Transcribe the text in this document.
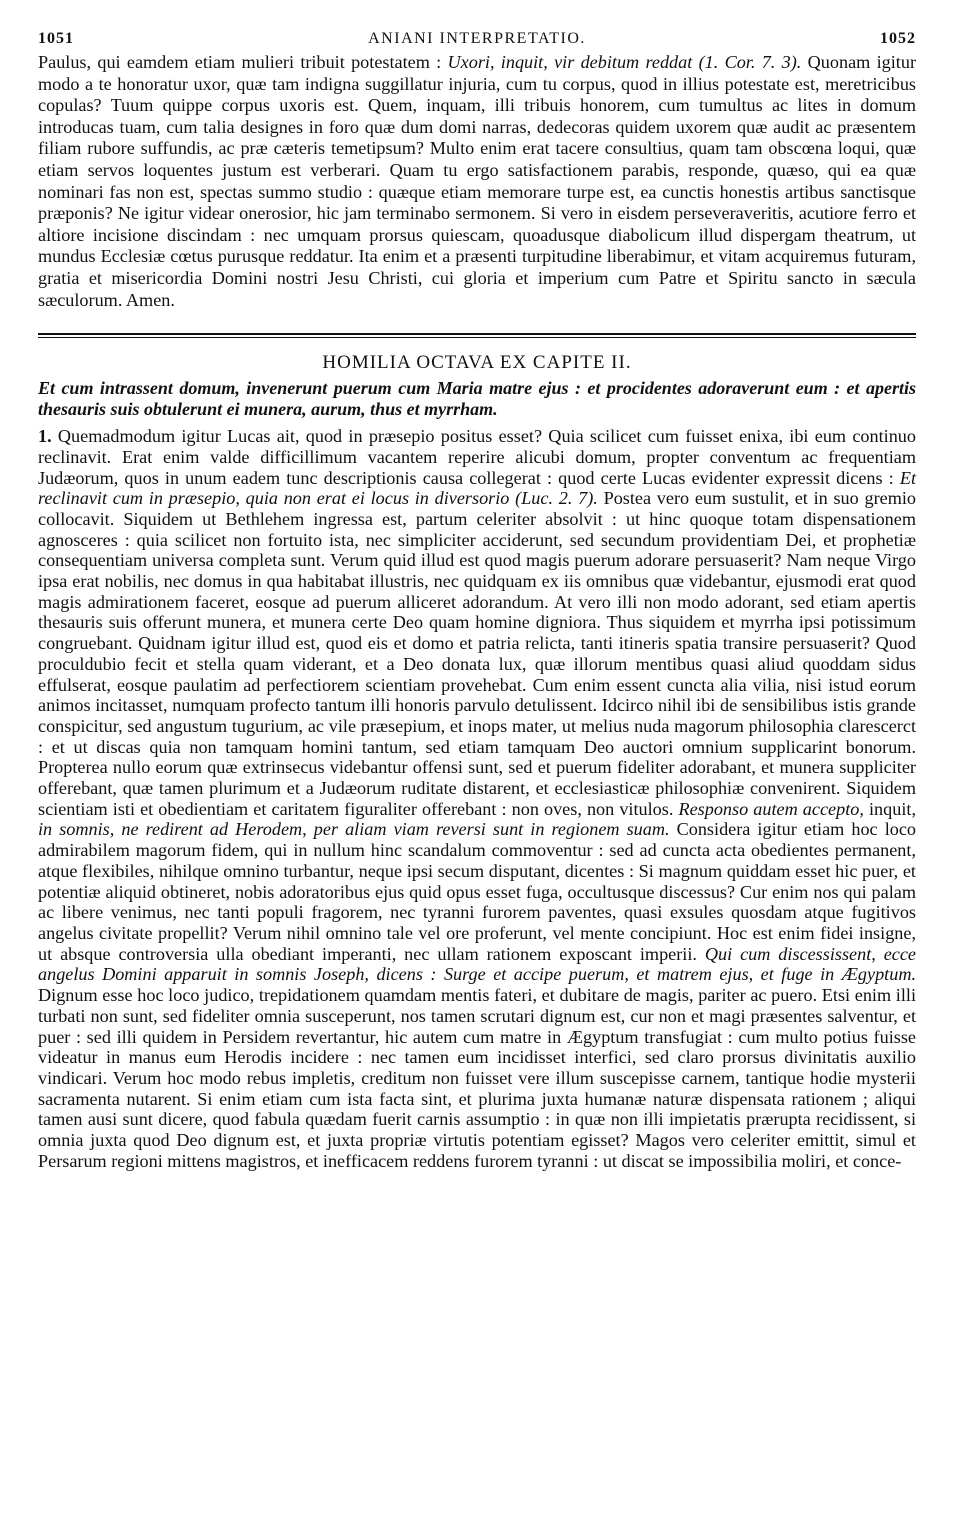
1051	ANIANI INTERPRETATIO.	1052

Paulus, qui eamdem etiam mulieri tribuit potestatem : Uxori, inquit, vir debitum reddat (1. Cor. 7. 3). Quonam igitur modo a te honoratur uxor, quæ tam indigna suggillatur injuria, cum tu corpus, quod in illius potestate est, meretricibus copulas? Tuum quippe corpus uxoris est. Quem, inquam, illi tribuis honorem, cum tumultus ac lites in domum introducas tuam, cum talia designes in foro quæ dum domi narras, dedecoras quidem uxorem quæ audit ac præsentem filiam rubore suffundis, ac præ cæteris temetipsum? Multo enim erat tacere consultius, quam tam obscœna loqui, quæ etiam servos loquentes justum est verberari. Quam tu ergo satisfactionem parabis, responde, quæso, qui ea quæ nominari fas non est, spectas summo studio : quæque etiam memorare turpe est, ea cunctis honestis artibus sanctisque præponis? Ne igitur videar onerosior, hic jam terminabo sermonem. Si vero in eisdem perseveraveritis, acutiore ferro et altiore incisione discindam : nec umquam prorsus quiescam, quoadusque diabolicum illud dispergam theatrum, ut mundus Ecclesiæ cœtus purusque reddatur. Ita enim et a præsenti turpitudine liberabimur, et vitam acquiremus futuram, gratia et misericordia Domini nostri Jesu Christi, cui gloria et imperium cum Patre et Spiritu sancto in sæcula sæculorum. Amen.

HOMILIA OCTAVA EX CAPITE II.

Et cum intrassent domum, invenerunt puerum cum Maria matre ejus : et procidentes adoraverunt eum : et apertis thesauris suis obtulerunt ei munera, aurum, thus et myrrham.

1. Quemadmodum igitur Lucas ait, quod in præsepio positus esset? Quia scilicet cum fuisset enixa, ibi eum continuo reclinavit. Erat enim valde difficillimum vacantem reperire alicubi domum, propter conventum ac frequentiam Judæorum, quos in unum eadem tunc descriptionis causa collegerat : quod certe Lucas evidenter expressit dicens : Et reclinavit cum in præsepio, quia non erat ei locus in diversorio (Luc. 2. 7). Postea vero eum sustulit, et in suo gremio collocavit. Siquidem ut Bethlehem ingressa est, partum celeriter absolvit : ut hinc quoque totam dispensationem agnosceres : quia scilicet non fortuito ista, nec simpliciter acciderunt, sed secundum providentiam Dei, et prophetiæ consequentiam universa completa sunt. Verum quid illud est quod magis puerum adorare persuaserit? Nam neque Virgo ipsa erat nobilis, nec domus in qua habitabat illustris, nec quidquam ex iis omnibus quæ videbantur, ejusmodi erat quod magis admirationem faceret, eosque ad puerum alliceret adorandum. At vero illi non modo adorant, sed etiam apertis thesauris suis offerunt munera, et munera certe Deo quam homine digniora. Thus siquidem et myrrha ipsi potissimum congruebant. Quidnam igitur illud est, quod eis et domo et patria relicta, tanti itineris spatia transire persuaserit? Quod proculdubio fecit et stella quam viderant, et a Deo donata lux, quæ illorum mentibus quasi aliud quoddam sidus effulserat, eosque paulatim ad perfectiorem scientiam provehebat. Cum enim essent cuncta alia vilia, nisi istud eorum animos incitasset, numquam profecto tantum illi honoris parvulo detulissent. Idcirco nihil ibi de sensibilibus istis grande conspicitur, sed angustum tugurium, ac vile præsepium, et inops mater, ut melius nuda magorum philosophia clarescerct : et ut discas quia non tamquam homini tantum, sed etiam tamquam Deo auctori omnium supplicarint bonorum. Propterea nullo eorum quæ extrinsecus videbantur offensi sunt, sed et puerum fideliter adorabant, et munera suppliciter offerebant, quæ tamen plurimum et a Judæorum ruditate distarent, et ecclesiasticæ philosophiæ convenirent. Siquidem scientiam isti et obedientiam et caritatem figuraliter offerebant : non oves, non vitulos. Responso autem accepto, inquit, in somnis, ne redirent ad Herodem, per aliam viam reversi sunt in regionem suam. Considera igitur etiam hoc loco admirabilem magorum fidem, qui in nullum hinc scandalum commoventur : sed ad cuncta acta obedientes permanent, atque flexibiles, nihilque omnino turbantur, neque ipsi secum disputant, dicentes : Si magnum quiddam esset hic puer, et potentiæ aliquid obtineret, nobis adoratoribus ejus quid opus esset fuga, occultusque discessus? Cur enim nos qui palam ac libere venimus, nec tanti populi fragorem, nec tyranni furorem paventes, quasi exsules quosdam atque fugitivos angelus civitate propellit? Verum nihil omnino tale vel ore proferunt, vel mente concipiunt. Hoc est enim fidei insigne, ut absque controversia ulla obediant imperanti, nec ullam rationem exposcant imperii. Qui cum discessissent, ecce angelus Domini apparuit in somnis Joseph, dicens : Surge et accipe puerum, et matrem ejus, et fuge in Ægyptum. Dignum esse hoc loco judico, trepidationem quamdam mentis fateri, et dubitare de magis, pariter ac puero. Etsi enim illi turbati non sunt, sed fideliter omnia susceperunt, nos tamen scrutari dignum est, cur non et magi præsentes salventur, et puer : sed illi quidem in Persidem revertantur, hic autem cum matre in Ægyptum transfugiat : cum multo potius fuisse videatur in manus eum Herodis incidere : nec tamen eum incidisset interfici, sed claro prorsus divinitatis auxilio vindicari. Verum hoc modo rebus impletis, creditum non fuisset vere illum suscepisse carnem, tantique hodie mysterii sacramenta nutarent. Si enim etiam cum ista facta sint, et plurima juxta humanæ naturæ dispensata rationem ; aliqui tamen ausi sunt dicere, quod fabula quædam fuerit carnis assumptio : in quæ non illi impietatis prærupta recidissent, si omnia juxta quod Deo dignum est, et juxta propriæ virtutis potentiam egisset? Magos vero celeriter emittit, simul et Persarum regioni mittens magistros, et inefficacem reddens furorem tyranni : ut discat se impossibilia moliri, et conce-
